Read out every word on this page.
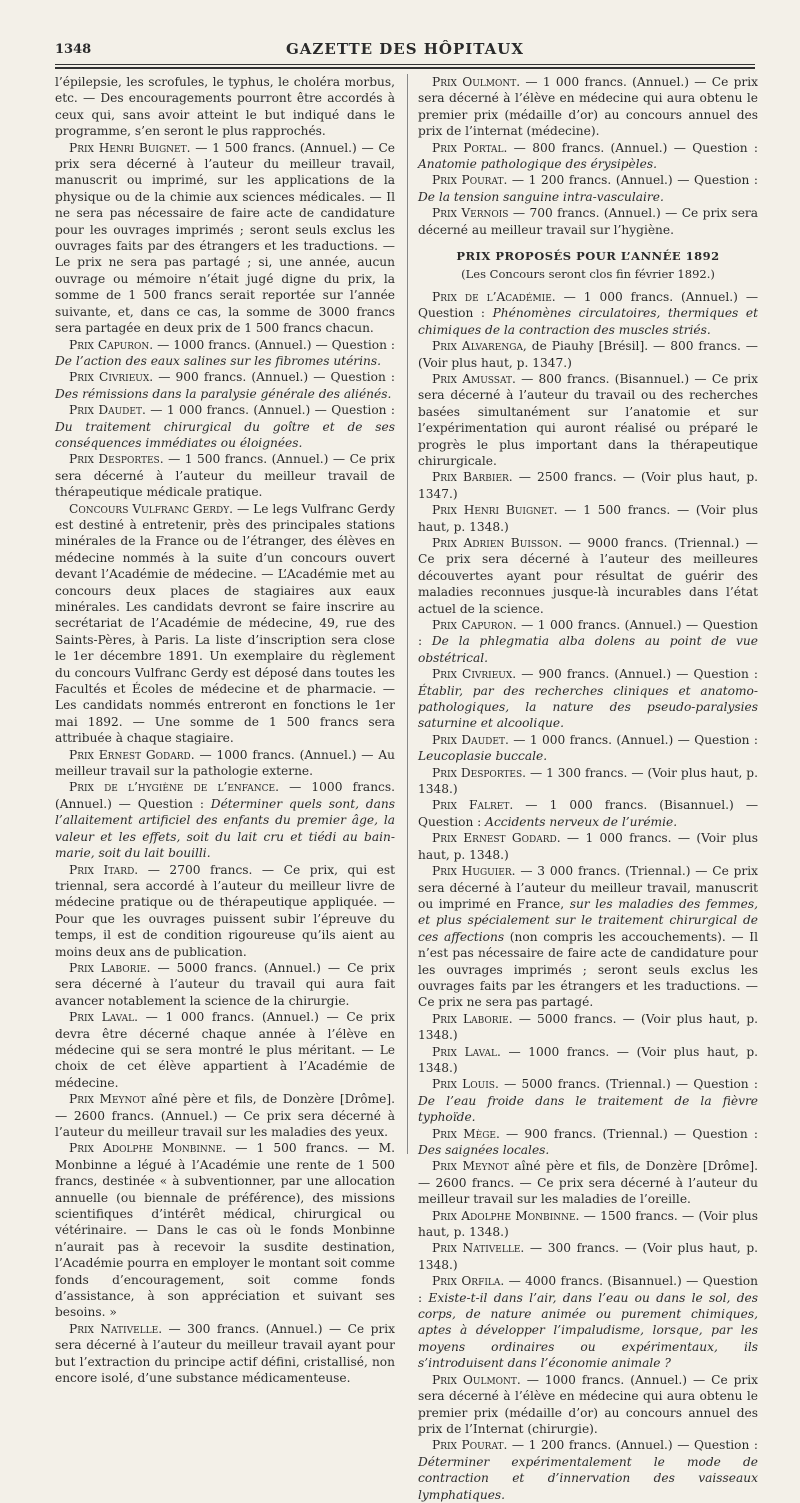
1348	GAZETTE DES HÔPITAUX

l’épilepsie, les scrofules, le typhus, le choléra morbus, etc. — Des encouragements pourront être accordés à ceux qui, sans avoir atteint le but indiqué dans le programme, s’en seront le plus rapprochés.

Prix Henri Buignet. — 1 500 francs. (Annuel.) — Ce prix sera décerné à l’auteur du meilleur travail, manuscrit ou imprimé, sur les applications de la physique ou de la chimie aux sciences médicales. — Il ne sera pas nécessaire de faire acte de candidature pour les ouvrages imprimés ; seront seuls exclus les ouvrages faits par des étrangers et les traductions. — Le prix ne sera pas partagé ; si, une année, aucun ouvrage ou mémoire n’était jugé digne du prix, la somme de 1 500 francs serait reportée sur l’année suivante, et, dans ce cas, la somme de 3000 francs sera partagée en deux prix de 1 500 francs chacun.

Prix Capuron. — 1000 francs. (Annuel.) — Question : De l’action des eaux salines sur les fibromes utérins.

Prix Civrieux. — 900 francs. (Annuel.) — Question : Des rémissions dans la paralysie générale des aliénés.

Prix Daudet. — 1 000 francs. (Annuel.) — Question : Du traitement chirurgical du goître et de ses conséquences immédiates ou éloignées.

Prix Desportes. — 1 500 francs. (Annuel.) — Ce prix sera décerné à l’auteur du meilleur travail de thérapeutique médicale pratique.

Concours Vulfranc Gerdy. — Le legs Vulfranc Gerdy est destiné à entretenir, près des principales stations minérales de la France ou de l’étranger, des élèves en médecine nommés à la suite d’un concours ouvert devant l’Académie de médecine. — L’Académie met au concours deux places de stagiaires aux eaux minérales. Les candidats devront se faire inscrire au secrétariat de l’Académie de médecine, 49, rue des Saints-Pères, à Paris. La liste d’inscription sera close le 1er décembre 1891. Un exemplaire du règlement du concours Vulfranc Gerdy est déposé dans toutes les Facultés et Écoles de médecine et de pharmacie. — Les candidats nommés entreront en fonctions le 1er mai 1892. — Une somme de 1 500 francs sera attribuée à chaque stagiaire.

Prix Ernest Godard. — 1000 francs. (Annuel.) — Au meilleur travail sur la pathologie externe.

Prix de l’hygiène de l’enfance. — 1000 francs. (Annuel.) — Question : Déterminer quels sont, dans l’allaitement artificiel des enfants du premier âge, la valeur et les effets, soit du lait cru et tiédi au bain-marie, soit du lait bouilli.

Prix Itard. — 2700 francs. — Ce prix, qui est triennal, sera accordé à l’auteur du meilleur livre de médecine pratique ou de thérapeutique appliquée. — Pour que les ouvrages puissent subir l’épreuve du temps, il est de condition rigoureuse qu’ils aient au moins deux ans de publication.

Prix Laborie. — 5000 francs. (Annuel.) — Ce prix sera décerné à l’auteur du travail qui aura fait avancer notablement la science de la chirurgie.

Prix Laval. — 1 000 francs. (Annuel.) — Ce prix devra être décerné chaque année à l’élève en médecine qui se sera montré le plus méritant. — Le choix de cet élève appartient à l’Académie de médecine.

Prix Meynot aîné père et fils, de Donzère [Drôme]. — 2600 francs. (Annuel.) — Ce prix sera décerné à l’auteur du meilleur travail sur les maladies des yeux.

Prix Adolphe Monbinne. — 1 500 francs. — M. Monbinne a légué à l’Académie une rente de 1 500 francs, destinée « à subventionner, par une allocation annuelle (ou biennale de préférence), des missions scientifiques d’intérêt médical, chirurgical ou vétérinaire. — Dans le cas où le fonds Monbinne n’aurait pas à recevoir la susdite destination, l’Académie pourra en employer le montant soit comme fonds d’encouragement, soit comme fonds d’assistance, à son appréciation et suivant ses besoins. »

Prix Nativelle. — 300 francs. (Annuel.) — Ce prix sera décerné à l’auteur du meilleur travail ayant pour but l’extraction du principe actif défini, cristallisé, non encore isolé, d’une substance médicamenteuse.

Prix Oulmont. — 1 000 francs. (Annuel.) — Ce prix sera décerné à l’élève en médecine qui aura obtenu le premier prix (médaille d’or) au concours annuel des prix de l’internat (médecine).

Prix Portal. — 800 francs. (Annuel.) — Question : Anatomie pathologique des érysipèles.

Prix Pourat. — 1 200 francs. (Annuel.) — Question : De la tension sanguine intra-vasculaire.

Prix Vernois — 700 francs. (Annuel.) — Ce prix sera décerné au meilleur travail sur l’hygiène.

PRIX PROPOSÉS POUR L’ANNÉE 1892
(Les Concours seront clos fin février 1892.)

Prix de l’Académie. — 1 000 francs. (Annuel.) — Question : Phénomènes circulatoires, thermiques et chimiques de la contraction des muscles striés.

Prix Alvarenga, de Piauhy [Brésil]. — 800 francs. — (Voir plus haut, p. 1347.)

Prix Amussat. — 800 francs. (Bisannuel.) — Ce prix sera décerné à l’auteur du travail ou des recherches basées simultanément sur l’anatomie et sur l’expérimentation qui auront réalisé ou préparé le progrès le plus important dans la thérapeutique chirurgicale.

Prix Barbier. — 2500 francs. — (Voir plus haut, p. 1347.)

Prix Henri Buignet. — 1 500 francs. — (Voir plus haut, p. 1348.)

Prix Adrien Buisson. — 9000 francs. (Triennal.) — Ce prix sera décerné à l’auteur des meilleures découvertes ayant pour résultat de guérir des maladies reconnues jusque-là incurables dans l’état actuel de la science.

Prix Capuron. — 1 000 francs. (Annuel.) — Question : De la phlegmatia alba dolens au point de vue obstétrical.

Prix Civrieux. — 900 francs. (Annuel.) — Question : Établir, par des recherches cliniques et anatomo-pathologiques, la nature des pseudo-paralysies saturnine et alcoolique.

Prix Daudet. — 1 000 francs. (Annuel.) — Question : Leucoplasie buccale.

Prix Desportes. — 1 300 francs. — (Voir plus haut, p. 1348.)

Prix Falret. — 1 000 francs. (Bisannuel.) — Question : Accidents nerveux de l’urémie.

Prix Ernest Godard. — 1 000 francs. — (Voir plus haut, p. 1348.)

Prix Huguier. — 3 000 francs. (Triennal.) — Ce prix sera décerné à l’auteur du meilleur travail, manuscrit ou imprimé en France, sur les maladies des femmes, et plus spécialement sur le traitement chirurgical de ces affections (non compris les accouchements). — Il n’est pas nécessaire de faire acte de candidature pour les ouvrages imprimés ; seront seuls exclus les ouvrages faits par les étrangers et les traductions. — Ce prix ne sera pas partagé.

Prix Laborie. — 5000 francs. — (Voir plus haut, p. 1348.)

Prix Laval. — 1000 francs. — (Voir plus haut, p. 1348.)

Prix Louis. — 5000 francs. (Triennal.) — Question : De l’eau froide dans le traitement de la fièvre typhoïde.

Prix Mège. — 900 francs. (Triennal.) — Question : Des saignées locales.

Prix Meynot aîné père et fils, de Donzère [Drôme]. — 2600 francs. — Ce prix sera décerné à l’auteur du meilleur travail sur les maladies de l’oreille.

Prix Adolphe Monbinne. — 1500 francs. — (Voir plus haut, p. 1348.)

Prix Nativelle. — 300 francs. — (Voir plus haut, p. 1348.)

Prix Orfila. — 4000 francs. (Bisannuel.) — Question : Existe-t-il dans l’air, dans l’eau ou dans le sol, des corps, de nature animée ou purement chimiques, aptes à développer l’impaludisme, lorsque, par les moyens ordinaires ou expérimentaux, ils s’introduisent dans l’économie animale ?

Prix Oulmont. — 1000 francs. (Annuel.) — Ce prix sera décerné à l’élève en médecine qui aura obtenu le premier prix (médaille d’or) au concours annuel des prix de l’Internat (chirurgie).

Prix Pourat. — 1 200 francs. (Annuel.) — Question : Déterminer expérimentalement le mode de contraction et d’innervation des vaisseaux lymphatiques.
